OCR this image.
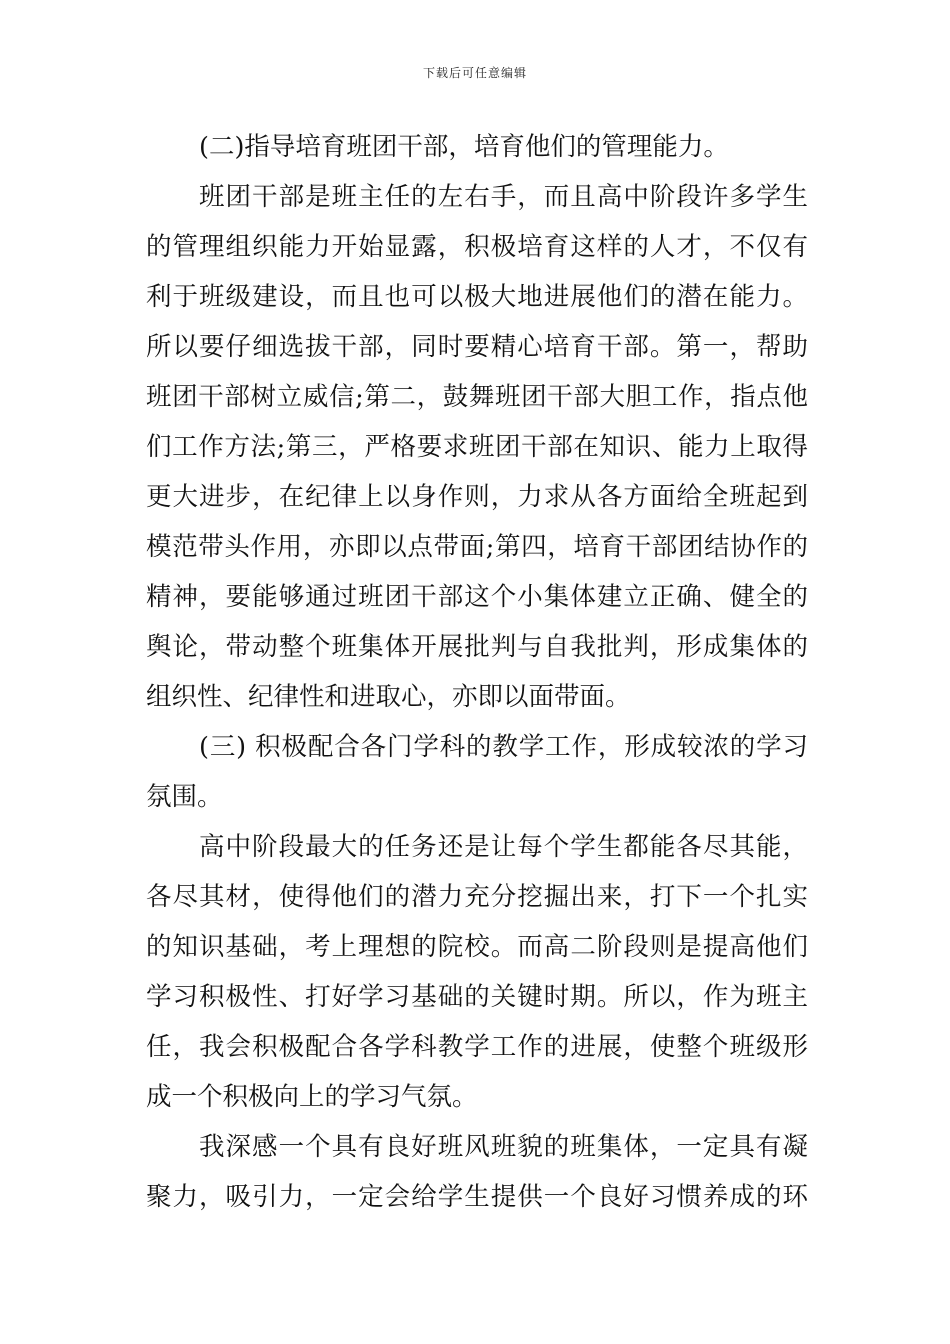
下载后可任意编辑
(二)指导培育班团干部，培育他们的管理能力。
班团干部是班主任的左右手，而且高中阶段许多学生
的管理组织能力开始显露，积极培育这样的人才，不仅有
利于班级建设，而且也可以极大地进展他们的潜在能力。
所以要仔细选拔干部，同时要精心培育干部。第一，帮助
班团干部树立威信;第二，鼓舞班团干部大胆工作，指点他
们工作方法;第三，严格要求班团干部在知识、能力上取得
更大进步，在纪律上以身作则，力求从各方面给全班起到
模范带头作用，亦即以点带面;第四，培育干部团结协作的
精神，要能够通过班团干部这个小集体建立正确、健全的
舆论，带动整个班集体开展批判与自我批判，形成集体的
组织性、纪律性和进取心，亦即以面带面。
(三) 积极配合各门学科的教学工作，形成较浓的学习
氛围。
高中阶段最大的任务还是让每个学生都能各尽其能，
各尽其材，使得他们的潜力充分挖掘出来，打下一个扎实
的知识基础，考上理想的院校。而高二阶段则是提高他们
学习积极性、打好学习基础的关键时期。所以，作为班主
任，我会积极配合各学科教学工作的进展，使整个班级形
成一个积极向上的学习气氛。
我深感一个具有良好班风班貌的班集体，一定具有凝
聚力，吸引力，一定会给学生提供一个良好习惯养成的环
